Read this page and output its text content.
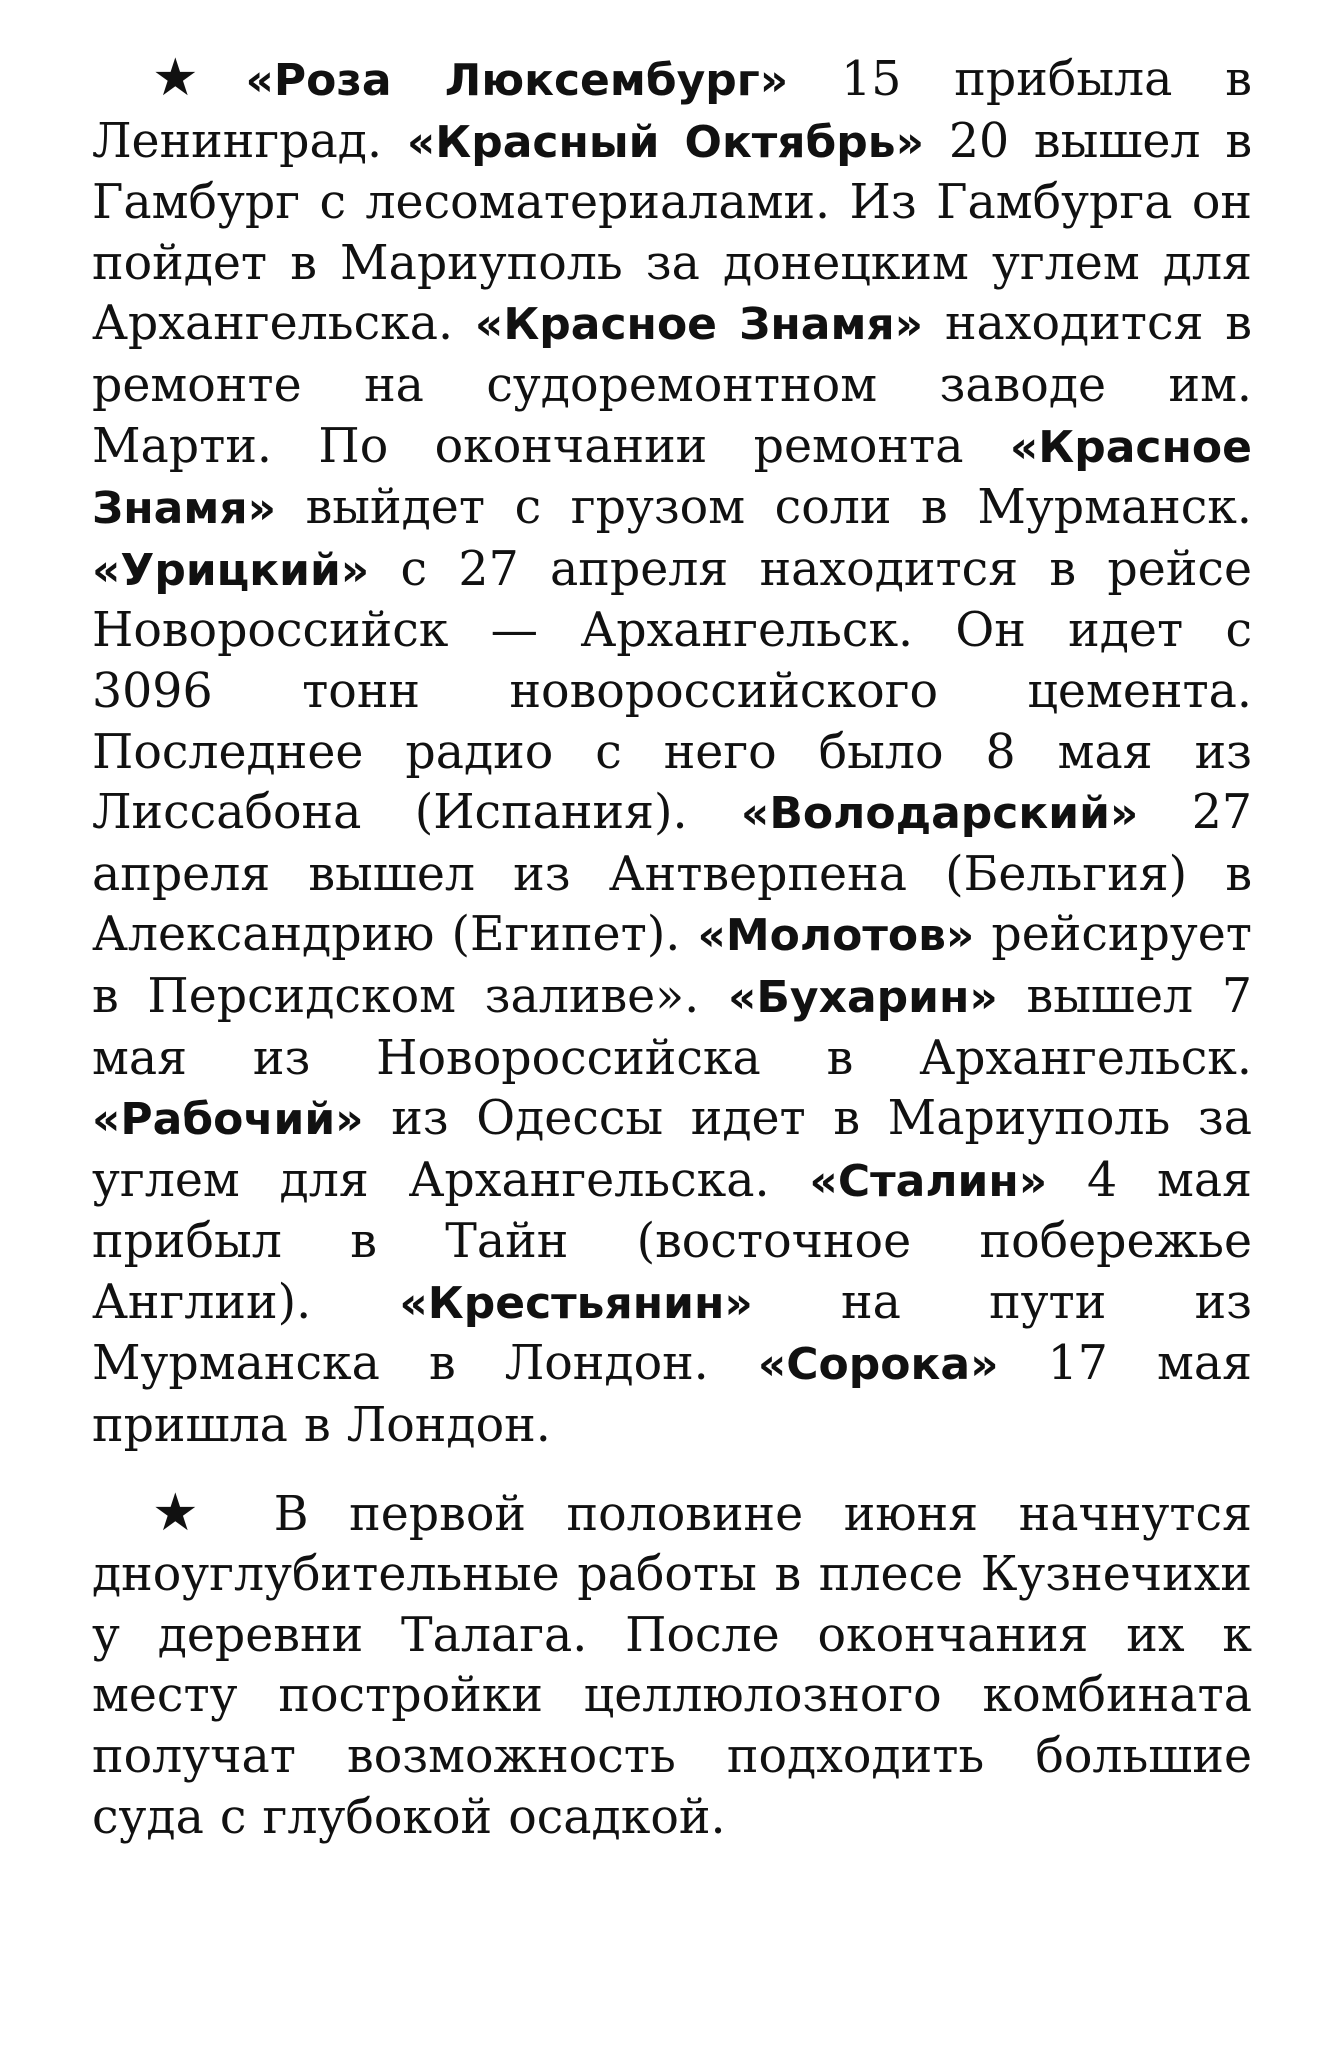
★ «Роза Люксембург» 15 прибыла в Ленинград. «Красный Октябрь» 20 вышел в Гамбург с лесоматериалами. Из Гамбурга он пойдет в Мариуполь за донецким углем для Архангельска. «Красное Знамя» находится в ремонте на судоремонтном заводе им. Марти. По окончании ремонта «Красное Знамя» выйдет с грузом соли в Мурманск. «Урицкий» с 27 апреля находится в рейсе Новороссийск — Архангельск. Он идет с 3096 тонн новороссийского цемента. Последнее радио с него было 8 мая из Лиссабона (Испания). «Володарский» 27 апреля вышел из Антверпена (Бельгия) в Александрию (Египет). «Молотов» рейсирует в Персидском заливе». «Бухарин» вышел 7 мая из Новороссийска в Архангельск. «Рабочий» из Одессы идет в Мариуполь за углем для Архангельска. «Сталин» 4 мая прибыл в Тайн (восточное побережье Англии). «Крестьянин» на пути из Мурманска в Лондон. «Сорока» 17 мая пришла в Лондон.

★ В первой половине июня начнутся дноуглубительные работы в плесе Кузнечихи у деревни Талага. После окончания их к месту постройки целлюлозного комбината получат возможность подходить большие суда с глубокой осадкой.
